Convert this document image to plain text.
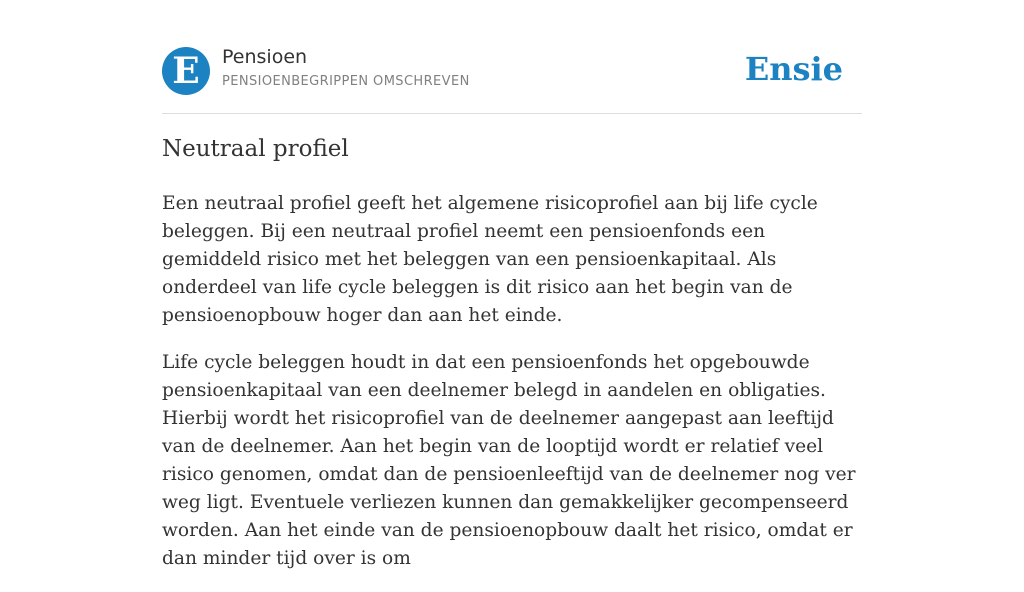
E	Pensioen
PENSIOENBEGRIPPEN OMSCHREVEN	Ensie
Neutraal profiel

Een neutraal profiel geeft het algemene risicoprofiel aan bij life cycle beleggen. Bij een neutraal profiel neemt een pensioenfonds een gemiddeld risico met het beleggen van een pensioenkapitaal. Als onderdeel van life cycle beleggen is dit risico aan het begin van de pensioenopbouw hoger dan aan het einde.

Life cycle beleggen houdt in dat een pensioenfonds het opgebouwde pensioenkapitaal van een deelnemer belegd in aandelen en obligaties. Hierbij wordt het risicoprofiel van de deelnemer aangepast aan leeftijd van de deelnemer. Aan het begin van de looptijd wordt er relatief veel risico genomen, omdat dan de pensioenleeftijd van de deelnemer nog ver weg ligt. Eventuele verliezen kunnen dan gemakkelijker gecompenseerd worden. Aan het einde van de pensioenopbouw daalt het risico, omdat er dan minder tijd over is om
